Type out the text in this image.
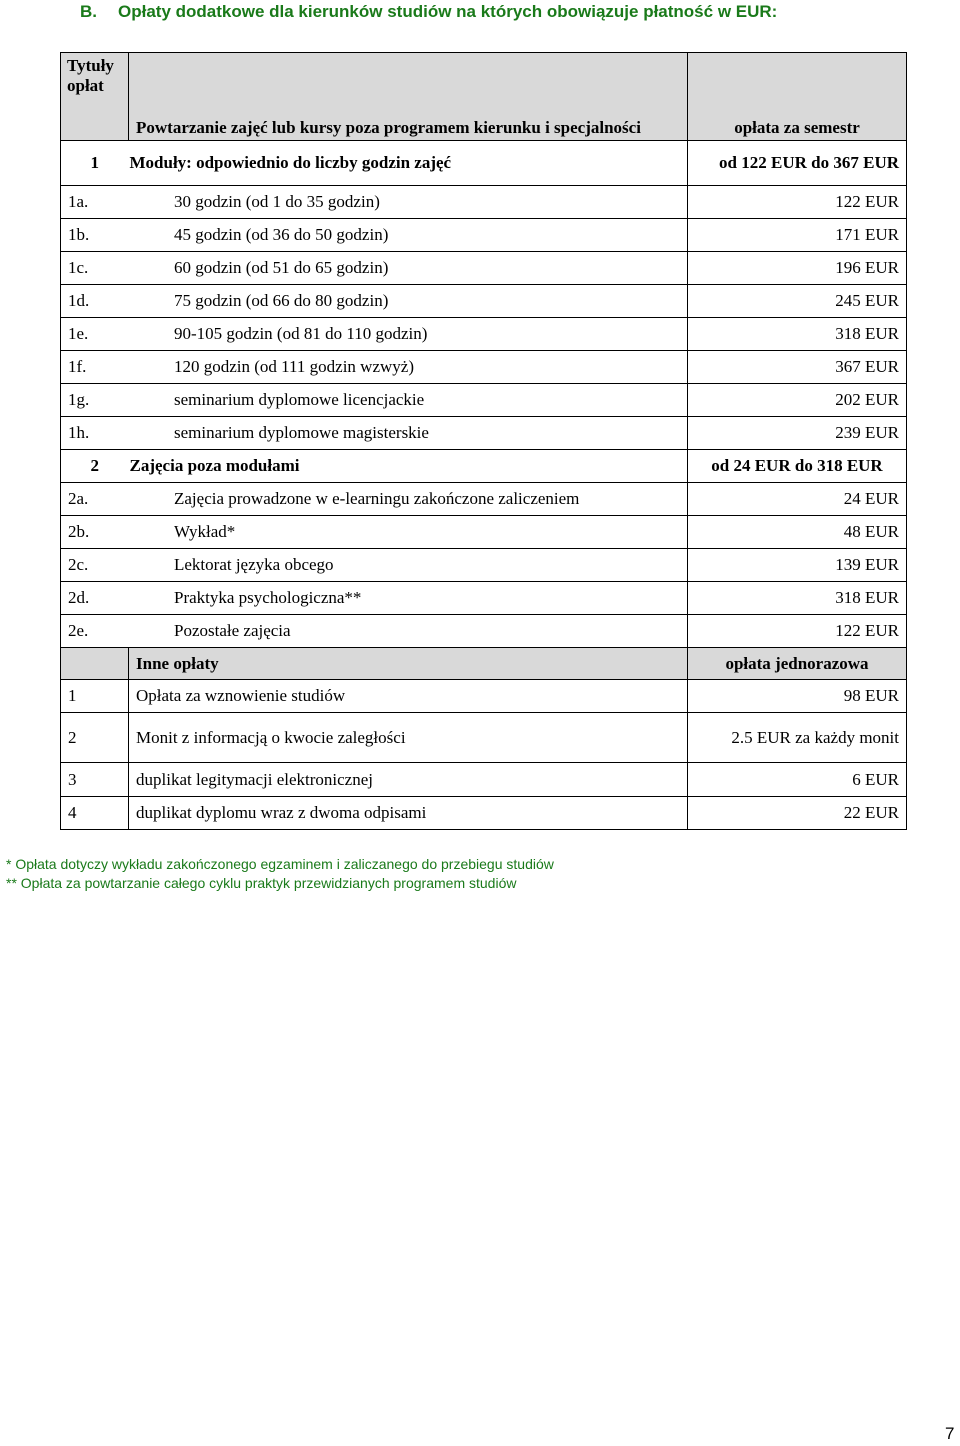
B. Opłaty dodatkowe dla kierunków studiów na których obowiązuje płatność w EUR:
Tytuły opłat	Powtarzanie zajęć lub kursy poza programem kierunku i specjalności	opłata za semestr
1	Moduły: odpowiednio do liczby godzin zajęć	od 122 EUR do 367 EUR
1a. 30 godzin (od 1 do 35 godzin)		122 EUR
1b. 45 godzin (od 36 do 50 godzin)		171 EUR
1c. 60 godzin (od 51 do 65 godzin)		196 EUR
1d. 75 godzin (od 66 do 80 godzin)		245 EUR
1e. 90-105 godzin (od 81 do 110 godzin)		318 EUR
1f. 120 godzin (od 111 godzin wzwyż)		367 EUR
1g. seminarium dyplomowe licencjackie		202 EUR
1h. seminarium dyplomowe magisterskie		239 EUR
2	Zajęcia poza modułami	od 24 EUR do 318 EUR
2a. Zajęcia prowadzone w e-learningu zakończone zaliczeniem		24 EUR
2b. Wykład*		48 EUR
2c. Lektorat języka obcego		139 EUR
2d. Praktyka psychologiczna**		318 EUR
2e. Pozostałe zajęcia		122 EUR
	Inne opłaty	opłata jednorazowa
1	Opłata za wznowienie studiów	98 EUR
2	Monit z informacją o kwocie zaległości	2.5 EUR za każdy monit
3	duplikat legitymacji elektronicznej	6 EUR
4	duplikat dyplomu wraz z dwoma odpisami	22 EUR
* Opłata dotyczy wykładu zakończonego egzaminem i zaliczanego do przebiegu studiów
** Opłata za powtarzanie całego cyklu praktyk przewidzianych programem studiów
7
